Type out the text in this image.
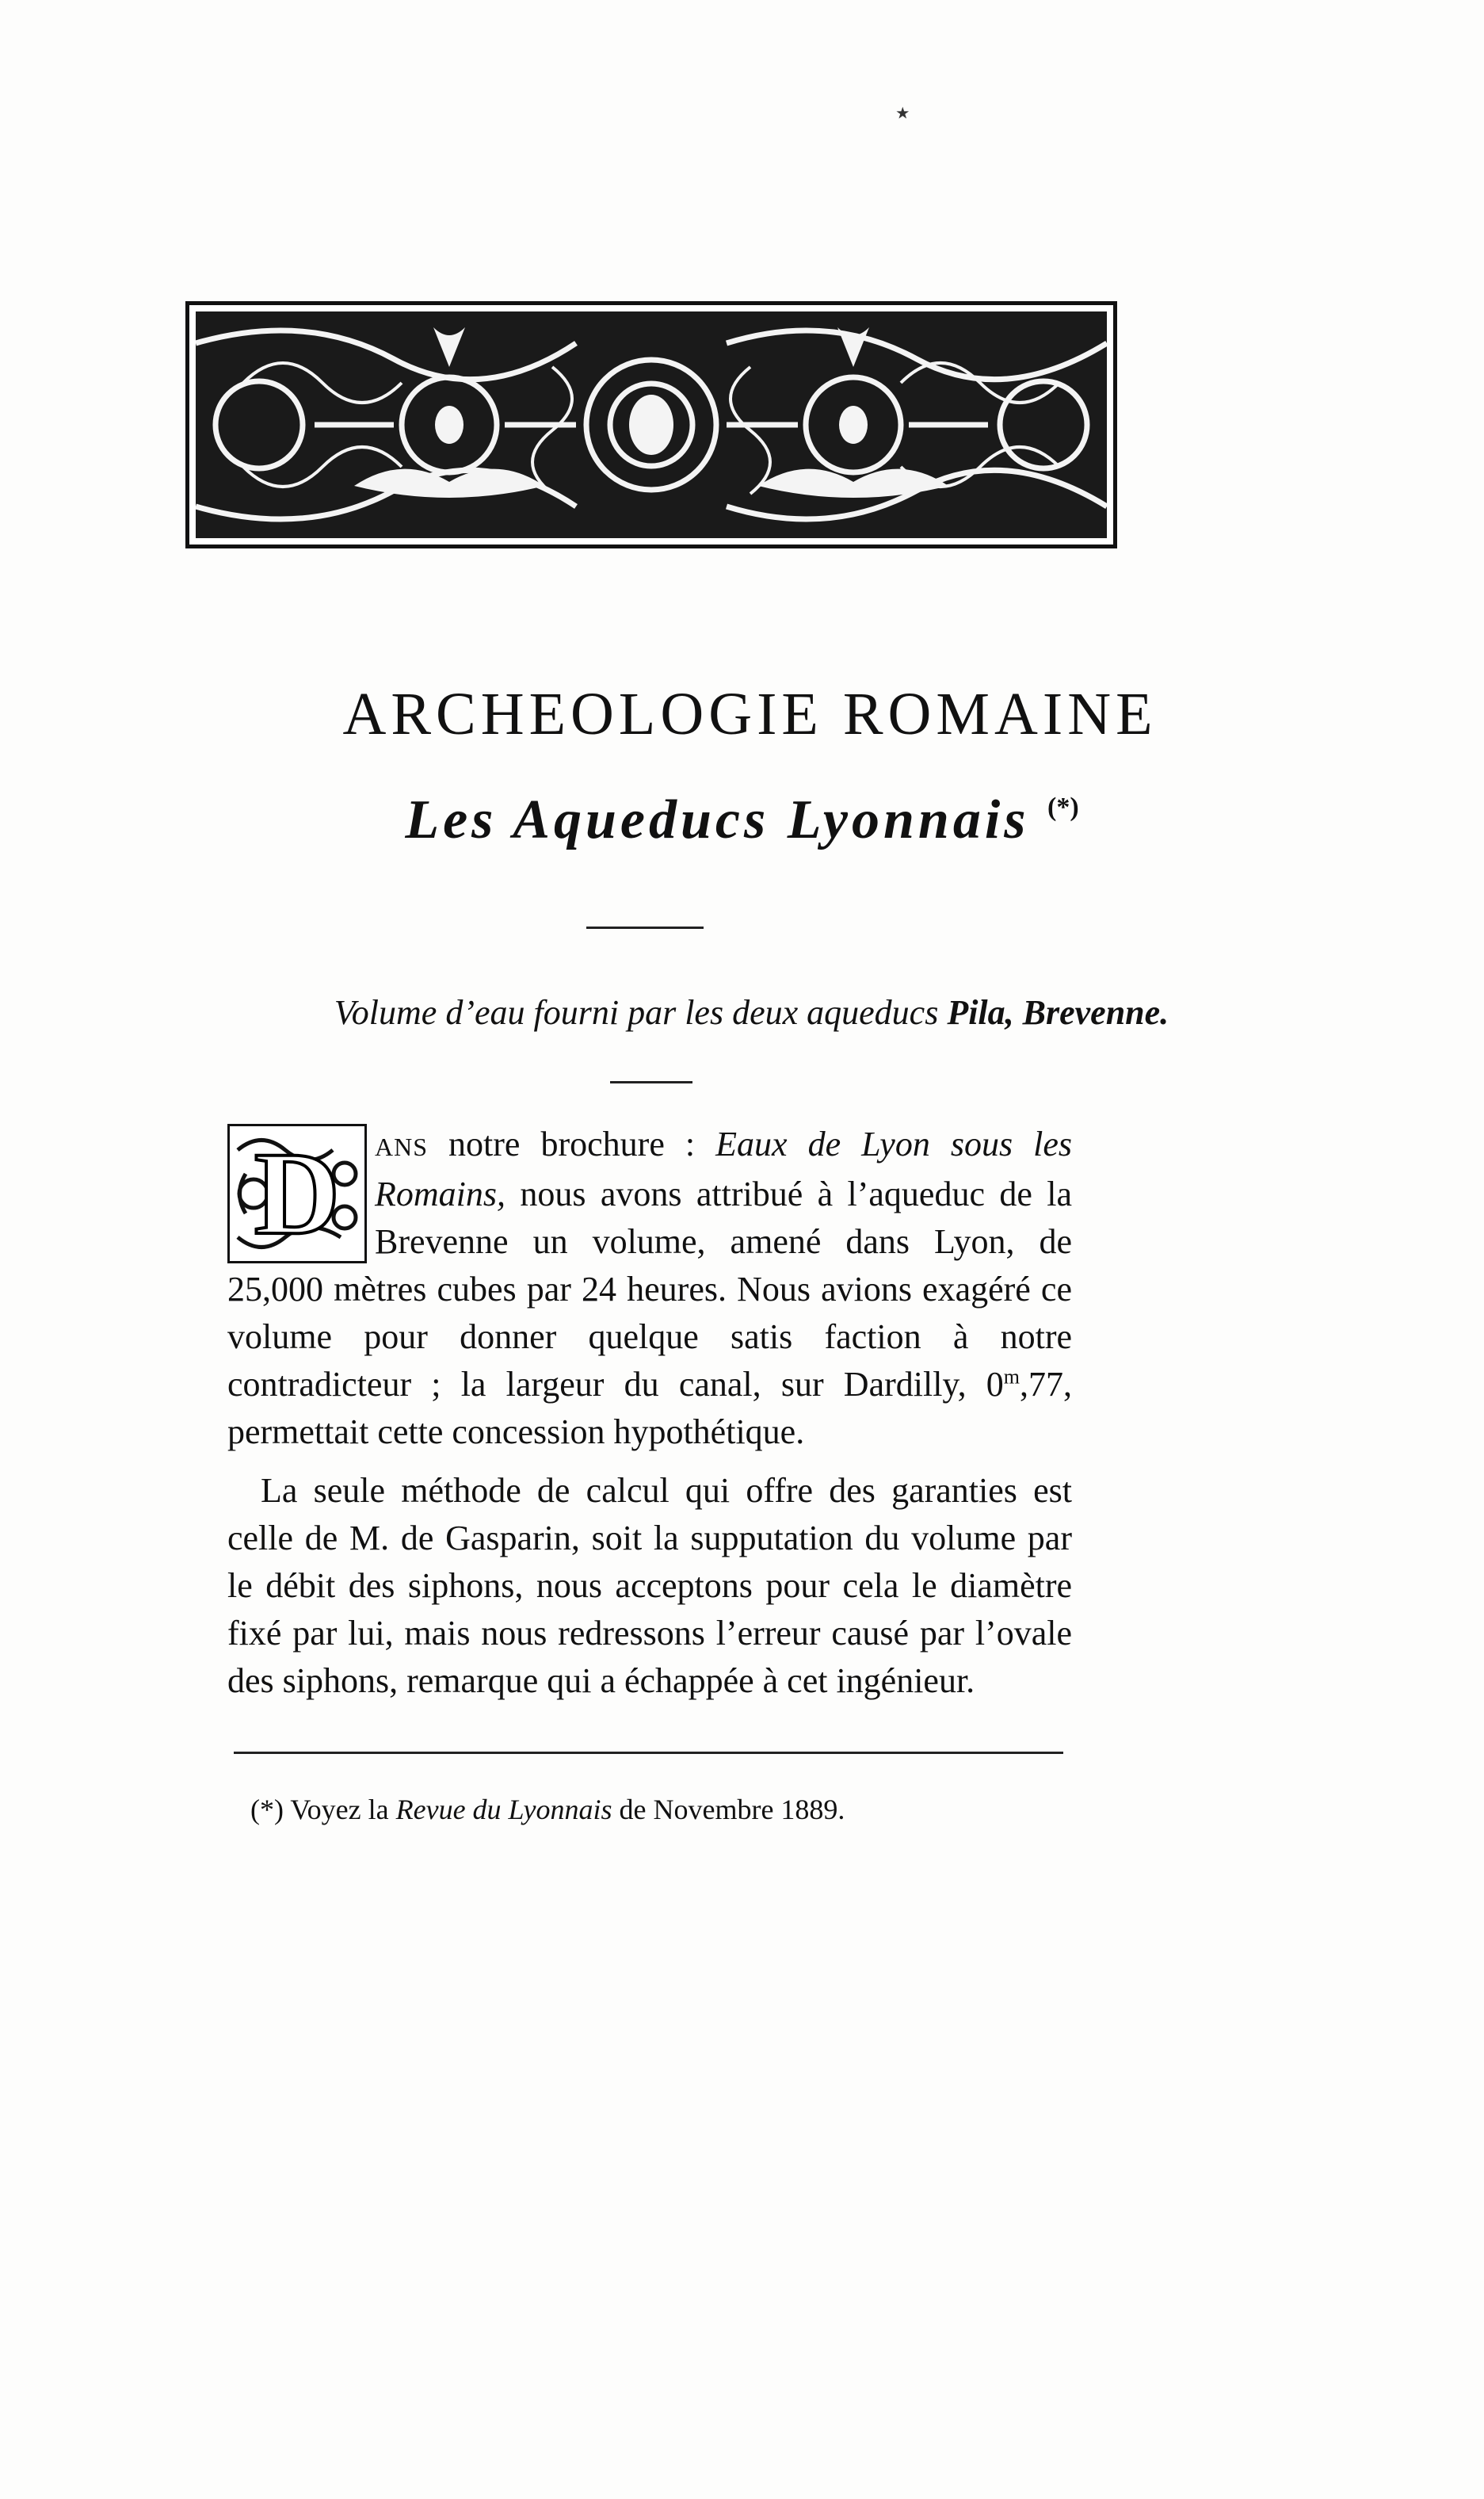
٭
ARCHEOLOGIE ROMAINE
Les Aqueducs Lyonnais (*)

Volume d’eau fourni par les deux aqueducs Pila, Brevenne.

D	ANS notre brochure : Eaux de Lyon sous les Romains, nous avons attribué à l’aqueduc de la Brevenne un volume, amené dans Lyon, de 25,000 mètres cubes par 24 heures. Nous avions exagéré ce volume pour donner quelque satis faction à notre contradicteur ; la largeur du canal, sur Dardilly, 0$^m$,77, permettait cette concession hypothétique.

La seule méthode de calcul qui offre des garanties est celle de M. de Gasparin, soit la supputation du volume par le débit des siphons, nous acceptons pour cela le diamètre fixé par lui, mais nous redressons l’erreur causé par l’ovale des siphons, remarque qui a échappée à cet ingénieur.

(*) Voyez la Revue du Lyonnais de Novembre 1889.
